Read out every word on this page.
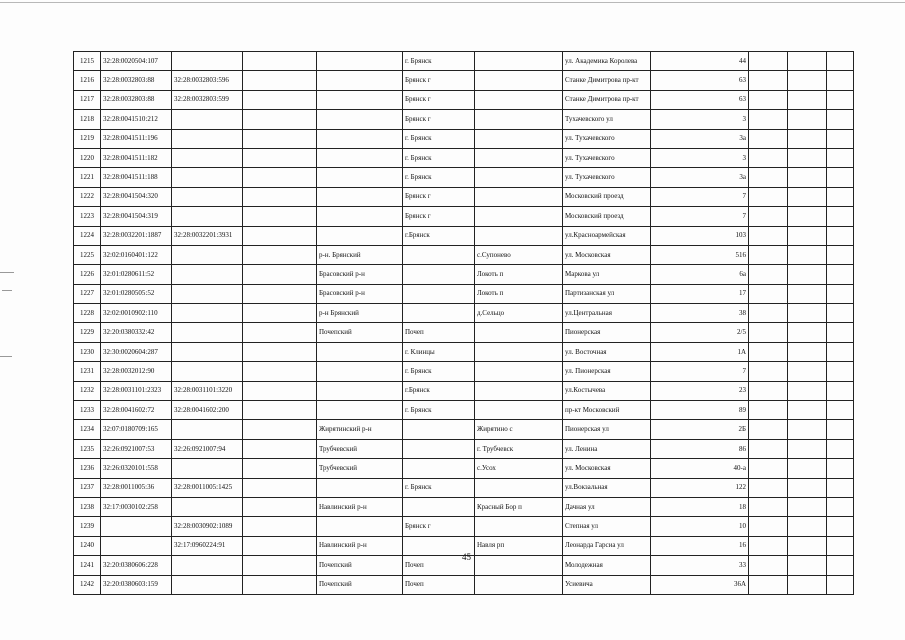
1215	32:28:0020504:107				г. Брянск		ул. Академика Королева	44			
1216	32:28:0032803:88	32:28:0032803:596			Брянск г		Станке Димитрова пр-кт	63			
1217	32:28:0032803:88	32:28:0032803:599			Брянск г		Станке Димитрова пр-кт	63			
1218	32:28:0041510:212				Брянск г		Тухачевского ул	3			
1219	32:28:0041511:196				г. Брянск		ул. Тухачевского	3а			
1220	32:28:0041511:182				г. Брянск		ул. Тухачевского	3			
1221	32:28:0041511:188				г. Брянск		ул. Тухачевского	3а			
1222	32:28:0041504:320				Брянск г		Московский проезд	7			
1223	32:28:0041504:319				Брянск г		Московский проезд	7			
1224	32:28:0032201:1887	32:28:0032201:3931			г.Брянск		ул.Красноармейская	103			
1225	32:02:0160401:122			р-н. Брянский		с.Супонево	ул. Московская	516			
1226	32:01:0280611:52			Брасовский р-н		Локоть п	Маркова ул	6а			
1227	32:01:0280505:52			Брасовский р-н		Локоть п	Партизанская ул	17			
1228	32:02:0010902:110			р-н Брянский		д.Сельцо	ул.Центральная	38			
1229	32:20:0380332:42			Почепский	Почеп		Пионерская	2/5			
1230	32:30:0020604:287				г. Клинцы		ул. Восточная	1А			
1231	32:28:0032012:90				г. Брянск		ул. Пионерская	7			
1232	32:28:0031101:2323	32:28:0031101:3220			г.Брянск		ул.Костычева	23			
1233	32:28:0041602:72	32:28:0041602:200			г. Брянск		пр-кт Московский	89			
1234	32:07:0180709:165			Жирятинский р-н		Жирятино с	Пионерская ул	2Б			
1235	32:26:0921007:53	32:26:0921007:94		Трубчевский		г. Трубчевск	ул. Ленина	86			
1236	32:26:0320101:558			Трубчевский		с.Усох	ул. Московская	40-а			
1237	32:28:0011005:36	32:28:0011005:1425			г. Брянск		ул.Вокзальная	122			
1238	32:17:0030102:258			Навлинский р-н		Красный Бор п	Дачная ул	18			
1239		32:28:0030902:1089			Брянск г		Степная ул	10			
1240		32:17:0960224:91		Навлинский р-н		Навля рп	Леонарда Гарсиа ул	16			
1241	32:20:0380606:228			Почепский	Почеп		Молодежная	33			
1242	32:20:0380603:159			Почепский	Почеп		Усиевича	36А			
45
